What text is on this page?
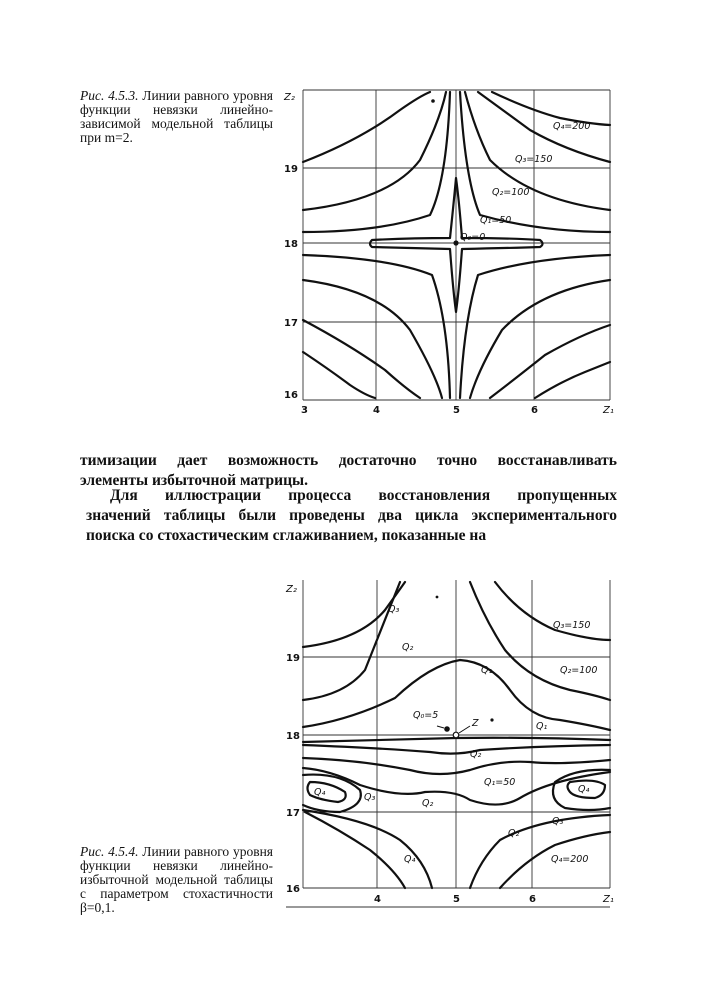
Рис. 4.5.3. Линии равного уровня функции невязки линейно-зависимой модельной таблицы при m=2.
Z₂
Z₁
19
18
17
16
3	4	5	6
Q₄=200
Q₃=150
Q₂=100
Q₁=50
Q₀=0
тимизации дает возможность достаточно точно восстанавливать
элементы избыточной матрицы.
Для иллюстрации процесса восстановления пропущенных
значений таблицы были проведены два цикла экспериментального
поиска со стохастическим сглаживанием, показанные на
Z₂
Z₁
19
18
17
16
4	5	6
Q₃
Q₂
Q₁
Q₀=5
Z
Q₃=150
Q₂=100
Q₁
Q₂
Q₁=50
Q₄	Q₃
Q₂
Q₄
Q₃
Q₂
Q₄=200
Q₄
Рис. 4.5.4. Линии равного уровня функции невязки линейно-избыточной модельной таблицы с параметром стохастичности β=0,1.
